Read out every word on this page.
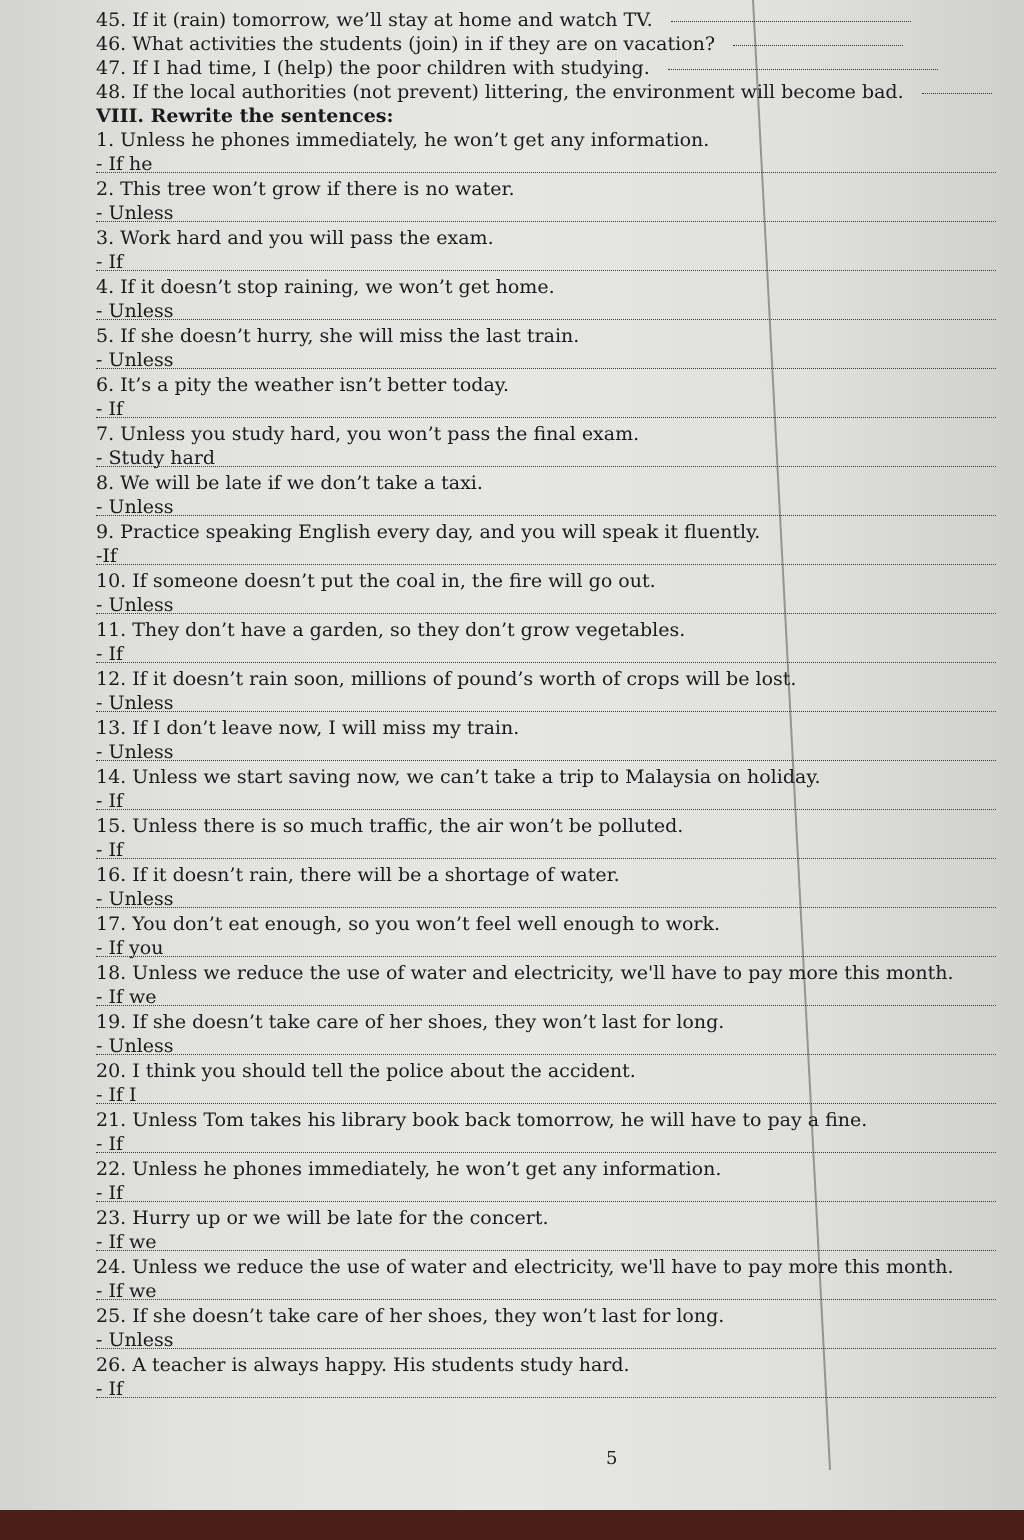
45. If it (rain) tomorrow, we’ll stay at home and watch TV.
46. What activities the students (join) in if they are on vacation?
47. If I had time, I (help) the poor children with studying.
48. If the local authorities (not prevent) littering, the environment will become bad.
VIII. Rewrite the sentences:
1. Unless he phones immediately, he won’t get any information.
- If he
2. This tree won’t grow if there is no water.
- Unless
3. Work hard and you will pass the exam.
- If
4. If it doesn’t stop raining, we won’t get home.
- Unless
5. If she doesn’t hurry, she will miss the last train.
- Unless
6. It’s a pity the weather isn’t better today.
- If
7. Unless you study hard, you won’t pass the final exam.
- Study hard
8. We will be late if we don’t take a taxi.
- Unless
9. Practice speaking English every day, and you will speak it fluently.
-If
10. If someone doesn’t put the coal in, the fire will go out.
- Unless
11. They don’t have a garden, so they don’t grow vegetables.
- If
12. If it doesn’t rain soon, millions of pound’s worth of crops will be lost.
- Unless
13. If I don’t leave now, I will miss my train.
- Unless
14. Unless we start saving now, we can’t take a trip to Malaysia on holiday.
- If
15. Unless there is so much traffic, the air won’t be polluted.
- If
16. If it doesn’t rain, there will be a shortage of water.
- Unless
17. You don’t eat enough, so you won’t feel well enough to work.
- If you
18. Unless we reduce the use of water and electricity, we'll have to pay more this month.
- If we
19. If she doesn’t take care of her shoes, they won’t last for long.
- Unless
20. I think you should tell the police about the accident.
- If I
21. Unless Tom takes his library book back tomorrow, he will have to pay a fine.
- If
22. Unless he phones immediately, he won’t get any information.
- If
23. Hurry up or we will be late for the concert.
- If we
24. Unless we reduce the use of water and electricity, we'll have to pay more this month.
- If we
25. If she doesn’t take care of her shoes, they won’t last for long.
- Unless
26. A teacher is always happy. His students study hard.
- If
5
